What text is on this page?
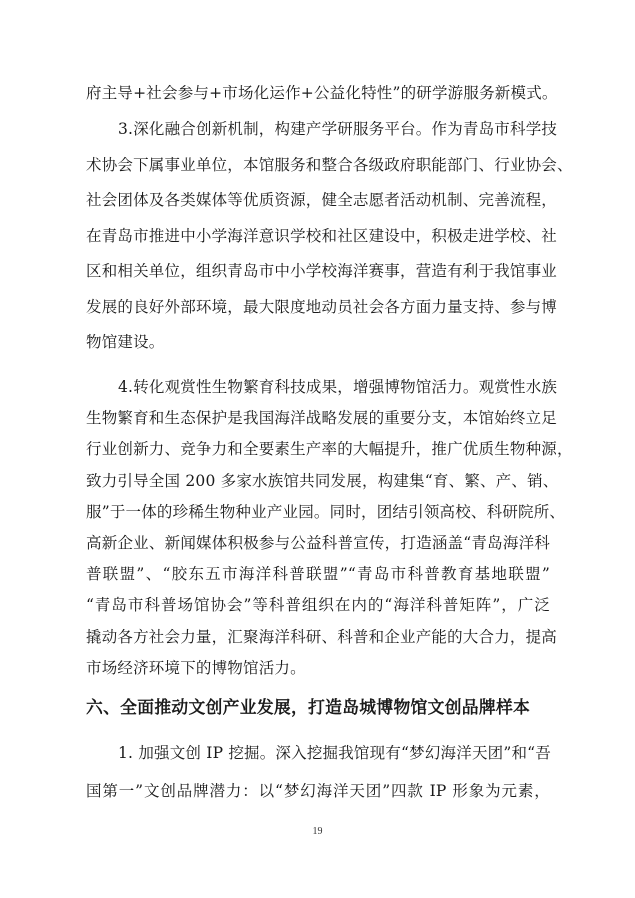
府主导+社会参与+市场化运作+公益化特性”的研学游服务新模式。
3.深化融合创新机制，构建产学研服务平台。作为青岛市科学技
术协会下属事业单位，本馆服务和整合各级政府职能部门、行业协会、
社会团体及各类媒体等优质资源，健全志愿者活动机制、完善流程，
在青岛市推进中小学海洋意识学校和社区建设中，积极走进学校、社
区和相关单位，组织青岛市中小学校海洋赛事，营造有利于我馆事业
发展的良好外部环境，最大限度地动员社会各方面力量支持、参与博
物馆建设。
4.转化观赏性生物繁育科技成果，增强博物馆活力。观赏性水族
生物繁育和生态保护是我国海洋战略发展的重要分支，本馆始终立足
行业创新力、竞争力和全要素生产率的大幅提升，推广优质生物种源，
致力引导全国 200 多家水族馆共同发展，构建集“育、繁、产、销、
服”于一体的珍稀生物种业产业园。同时，团结引领高校、科研院所、
高新企业、新闻媒体积极参与公益科普宣传，打造涵盖“青岛海洋科
普联盟”、“胶东五市海洋科普联盟”“青岛市科普教育基地联盟”
“青岛市科普场馆协会”等科普组织在内的“海洋科普矩阵”，广泛
撬动各方社会力量，汇聚海洋科研、科普和企业产能的大合力，提高
市场经济环境下的博物馆活力。
六、全面推动文创产业发展，打造岛城博物馆文创品牌样本
1. 加强文创 IP 挖掘。深入挖掘我馆现有“梦幻海洋天团”和“吾
国第一”文创品牌潜力：以“梦幻海洋天团”四款 IP 形象为元素，
19
